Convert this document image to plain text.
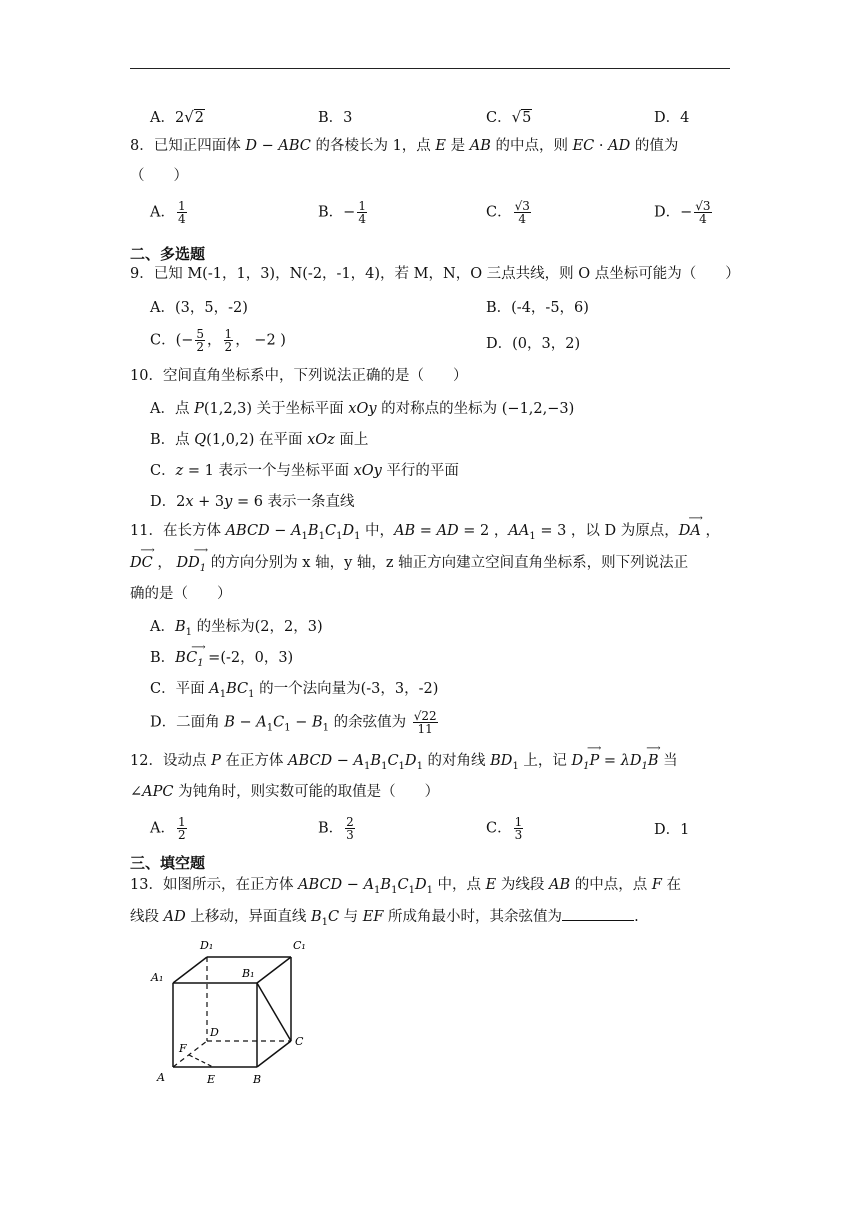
A．2√2	B．3	C．√5	D．4
8．已知正四面体 D − ABC 的各棱长为 1，点 E 是 AB 的中点，则 EC · AD 的值为
（　　）
A． $\frac{1}{4}$	B．− $\frac{1}{4}$	C． $\frac{√3}{4}$	D．− $\frac{√3}{4}$
二、多选题
9．已知 M(-1，1，3)，N(-2，-1，4)，若 M，N，O 三点共线，则 O 点坐标可能为（　　）
A．(3，5，-2)	B．(-4，-5，6)
C．(− $\frac{5}{2}$ ， $\frac{1}{2}$ ， −2 )	D．(0，3，2)
10．空间直角坐标系中，下列说法正确的是（　　）
A．点 P(1,2,3) 关于坐标平面 xOy 的对称点的坐标为 (−1,2,−3)
B．点 Q(1,0,2) 在平面 xOz 面上
C．z = 1 表示一个与坐标平面 xOy 平行的平面
D．2x + 3y = 6 表示一条直线
11．在长方体 ABCD − $A_1B_1C_1D_1$ 中，AB = AD = 2 ，$AA_1 = 3$ ，以 D 为原点，DA
⟶
，
DC
⟶
， $DD_1$
⟶
的方向分别为 x 轴，y 轴，z 轴正方向建立空间直角坐标系，则下列说法正
确的是（　　）
A．$B_1$ 的坐标为(2，2，3)
B．$BC_1$
⟶
=(-2，0，3)
C．平面 $A_1BC_1$ 的一个法向量为(-3，3，-2)
D．二面角 $B - A_1C_1 - B_1$ 的余弦值为 $\frac{√22}{11}$
12．设动点 P 在正方体 ABCD − $A_1B_1C_1D_1$ 的对角线 $BD_1$ 上，记 $D_1P$
⟶
= $\lambda D_1B$
⟶
当
∠APC 为钝角时，则实数可能的取值是（　　）
A． $\frac{1}{2}$	B． $\frac{2}{3}$	C． $\frac{1}{3}$	D．1
三、填空题
13．如图所示，在正方体 ABCD − $A_1B_1C_1D_1$ 中，点 E 为线段 AB 的中点，点 F 在
线段 AD 上移动，异面直线 $B_1C$ 与 EF 所成角最小时，其余弦值为	.
D₁	C₁
A₁	B₁
D
C
F
A	E	B
